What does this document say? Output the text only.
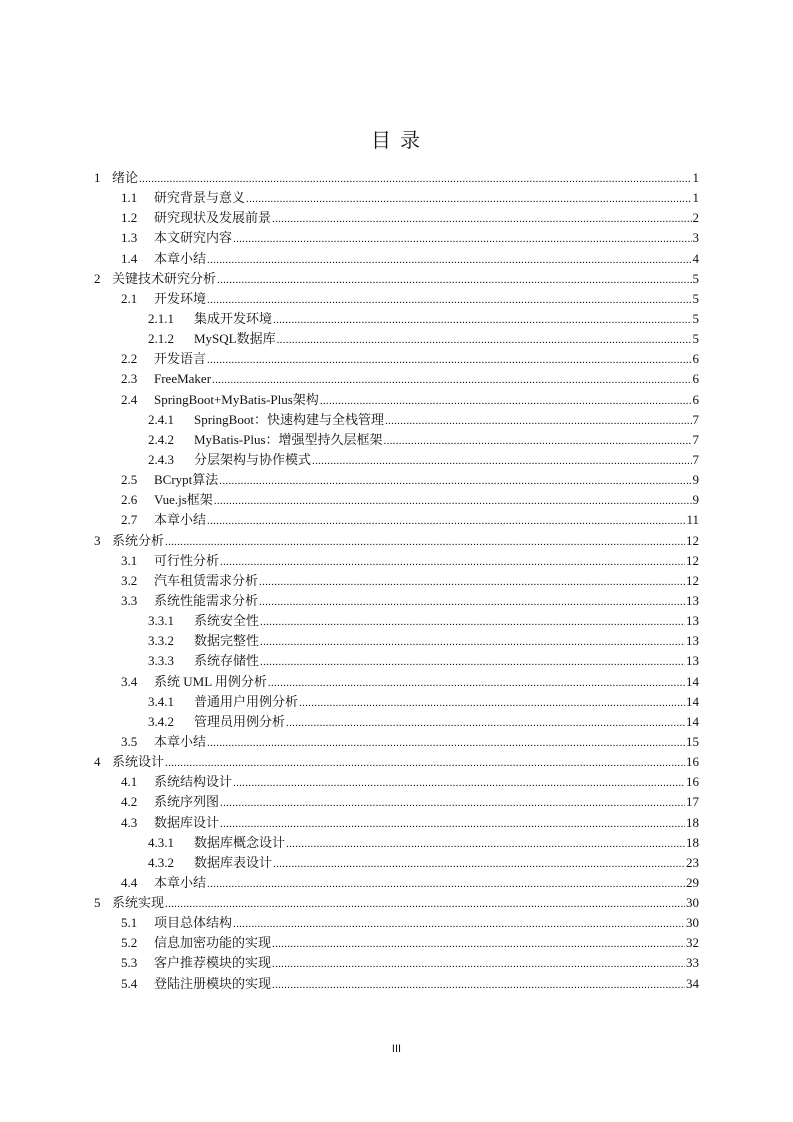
目 录
1 绪论 .....	1
1.1	研究背景与意义 .....	1
1.2	研究现状及发展前景 .....	2
1.3	本文研究内容 .....	3
1.4	本章小结 .....	4
2 关键技术研究分析 .....	5
2.1	开发环境 .....	5
2.1.1	集成开发环境 .....	5
2.1.2	MySQL数据库 .....	5
2.2	开发语言 .....	6
2.3	FreeMaker .....	6
2.4	SpringBoot+MyBatis-Plus架构 .....	6
2.4.1	SpringBoot：快速构建与全栈管理 .....	7
2.4.2	MyBatis-Plus：增强型持久层框架 .....	7
2.4.3	分层架构与协作模式 .....	7
2.5	BCrypt算法 .....	9
2.6	Vue.js框架 .....	9
2.7	本章小结 .....	11
3 系统分析 .....	12
3.1	可行性分析 .....	12
3.2	汽车租赁需求分析 .....	12
3.3	系统性能需求分析 .....	13
3.3.1	系统安全性 .....	13
3.3.2	数据完整性 .....	13
3.3.3	系统存储性 .....	13
3.4	系统 UML 用例分析 .....	14
3.4.1	普通用户用例分析 .....	14
3.4.2	管理员用例分析 .....	14
3.5	本章小结 .....	15
4 系统设计 .....	16
4.1	系统结构设计 .....	16
4.2	系统序列图 .....	17
4.3	数据库设计 .....	18
4.3.1	数据库概念设计 .....	18
4.3.2	数据库表设计 .....	23
4.4	本章小结 .....	29
5 系统实现 .....	30
5.1	项目总体结构 .....	30
5.2	信息加密功能的实现 .....	32
5.3	客户推荐模块的实现 .....	33
5.4	登陆注册模块的实现 .....	34
III
